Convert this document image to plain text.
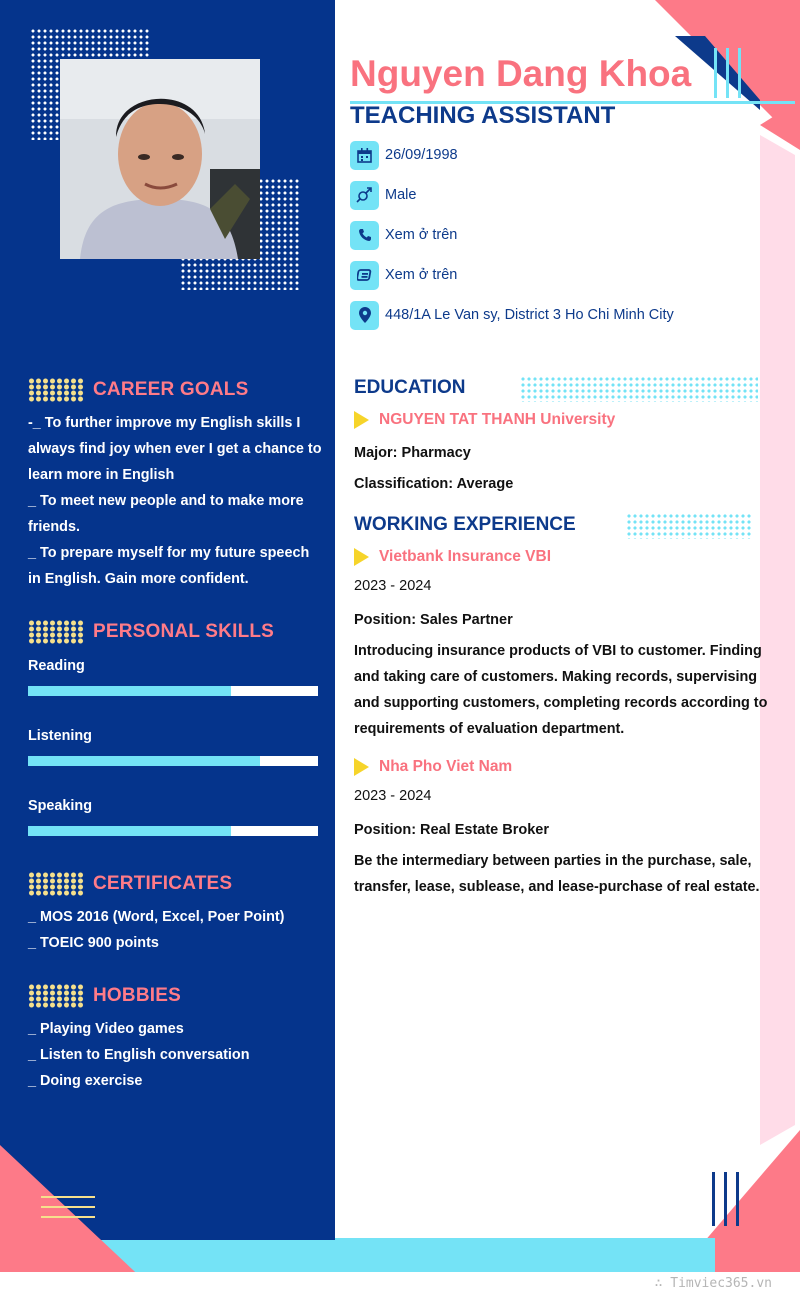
CAREER GOALS
-_ To further improve my English skills I
always find joy when ever I get a chance to
learn more in English
_ To meet new people and to make more
friends.
_ To prepare myself for my future speech
in English. Gain more confident.
PERSONAL SKILLS
Reading
Listening
Speaking
CERTIFICATES
_ MOS 2016 (Word, Excel, Poer Point)
_ TOEIC 900 points
HOBBIES
_ Playing Video games
_ Listen to English conversation
_ Doing exercise
Nguyen Dang Khoa
TEACHING ASSISTANT
26/09/1998
Male
Xem ở trên
Xem ở trên
448/1A Le Van sy, District 3 Ho Chi Minh City
EDUCATION
NGUYEN TAT THANH University
Major: Pharmacy
Classification: Average
WORKING EXPERIENCE
Vietbank Insurance VBI
2023 - 2024
Position: Sales Partner
Introducing insurance products of VBI to customer. Finding
and taking care of customers. Making records, supervising
and supporting customers, completing records according to
requirements of evaluation department.
Nha Pho Viet Nam
2023 - 2024
Position: Real Estate Broker
Be the intermediary between parties in the purchase, sale,
transfer, lease, sublease, and lease-purchase of real estate.
∴ Timviec365.vn
